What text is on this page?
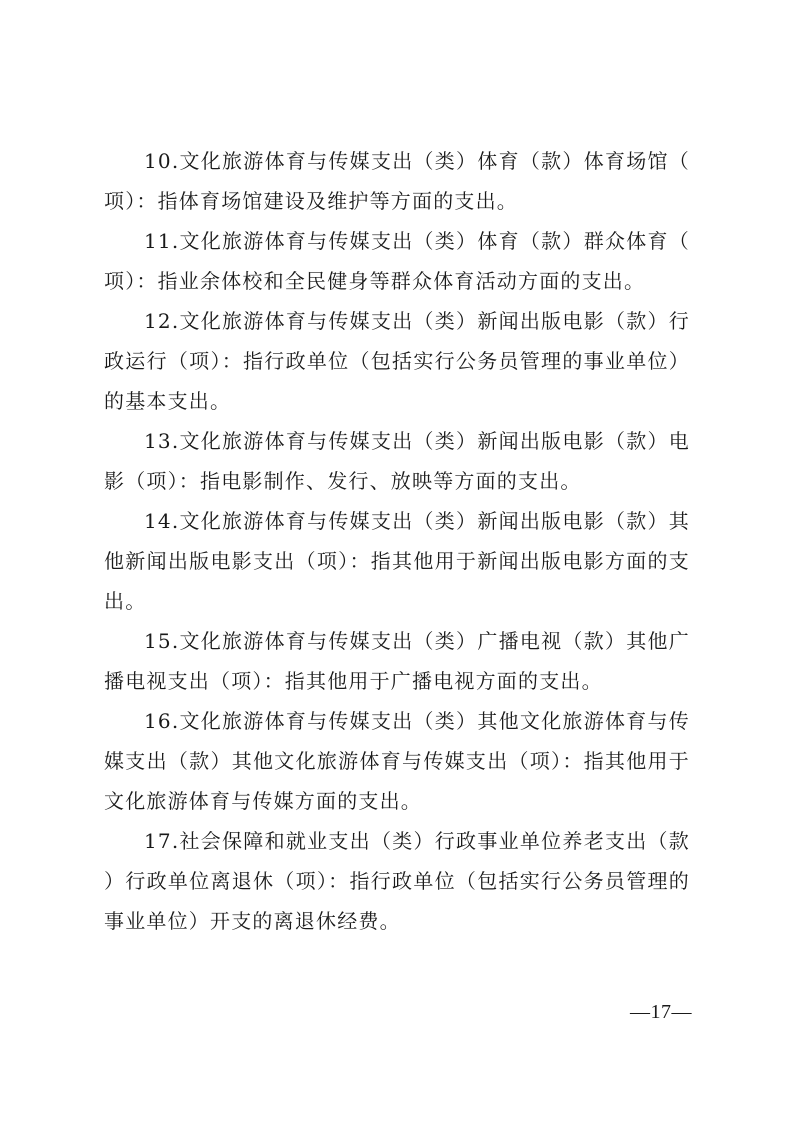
10.文化旅游体育与传媒支出（类）体育（款）体育场馆（项）：指体育场馆建设及维护等方面的支出。

11.文化旅游体育与传媒支出（类）体育（款）群众体育（项）：指业余体校和全民健身等群众体育活动方面的支出。

12.文化旅游体育与传媒支出（类）新闻出版电影（款）行政运行（项）：指行政单位（包括实行公务员管理的事业单位）的基本支出。

13.文化旅游体育与传媒支出（类）新闻出版电影（款）电影（项）：指电影制作、发行、放映等方面的支出。

14.文化旅游体育与传媒支出（类）新闻出版电影（款）其他新闻出版电影支出（项）：指其他用于新闻出版电影方面的支出。

15.文化旅游体育与传媒支出（类）广播电视（款）其他广播电视支出（项）：指其他用于广播电视方面的支出。

16.文化旅游体育与传媒支出（类）其他文化旅游体育与传媒支出（款）其他文化旅游体育与传媒支出（项）：指其他用于文化旅游体育与传媒方面的支出。

17.社会保障和就业支出（类）行政事业单位养老支出（款）行政单位离退休（项）：指行政单位（包括实行公务员管理的事业单位）开支的离退休经费。

—17—
